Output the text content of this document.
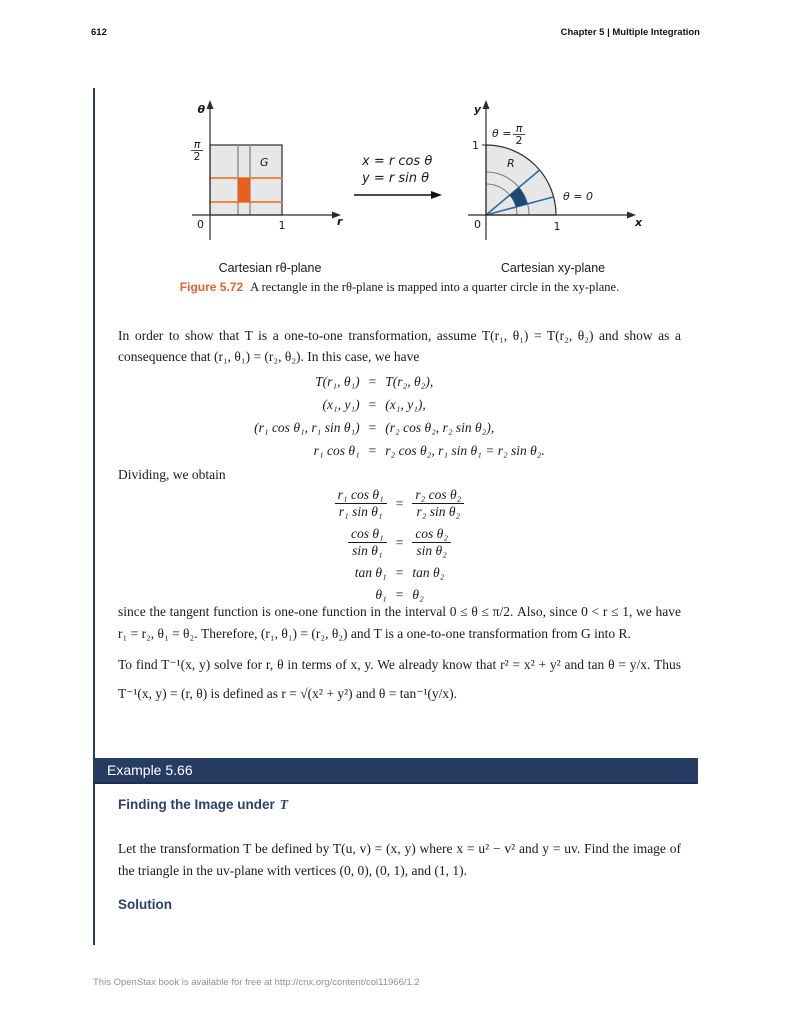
612	Chapter 5 | Multiple Integration
θ
r
G
π
2
0	1
x = r cos θ
y = r sin θ
y
x
R
θ = π
2
θ = 0
1
0	1
Cartesian rθ-plane	Cartesian xy-plane
Figure 5.72 A rectangle in the rθ-plane is mapped into a quarter circle in the xy-plane.

In order to show that T is a one-to-one transformation, assume T(r₁, θ₁) = T(r₂, θ₂) and show as a consequence that (r₁, θ₁) = (r₂, θ₂). In this case, we have

T(r₁, θ₁) = T(r₂, θ₂),
(x₁, y₁) = (x₁, y₁),
(r₁ cos θ₁, r₁ sin θ₁) = (r₂ cos θ₂, r₂ sin θ₂),
r₁ cos θ₁ = r₂ cos θ₂, r₁ sin θ₁ = r₂ sin θ₂.

Dividing, we obtain

$\frac{\text{r₁ cos θ₁}}{\text{r₁ sin θ₁}} = \frac{\text{r₂ cos θ₂}}{\text{r₂ sin θ₂}}$
$\frac{\text{cos θ₁}}{\text{sin θ₁}} = \frac{\text{cos θ₂}}{\text{sin θ₂}}$
tan θ₁ = tan θ₂
θ₁ = θ₂

since the tangent function is one-one function in the interval 0 ≤ θ ≤ π/2. Also, since 0 < r ≤ 1, we have r₁ = r₂, θ₁ = θ₂. Therefore, (r₁, θ₁) = (r₂, θ₂) and T is a one-to-one transformation from G into R.

To find T⁻¹(x, y) solve for r, θ in terms of x, y. We already know that r² = x² + y² and tan θ = y/x. Thus T⁻¹(x, y) = (r, θ) is defined as r = √(x² + y²) and θ = tan⁻¹(y/x).

Example 5.66
Finding the Image under T

Let the transformation T be defined by T(u, v) = (x, y) where x = u² − v² and y = uv. Find the image of the triangle in the uv-plane with vertices (0, 0), (0, 1), and (1, 1).

Solution
This OpenStax book is available for free at http://cnx.org/content/col11966/1.2
